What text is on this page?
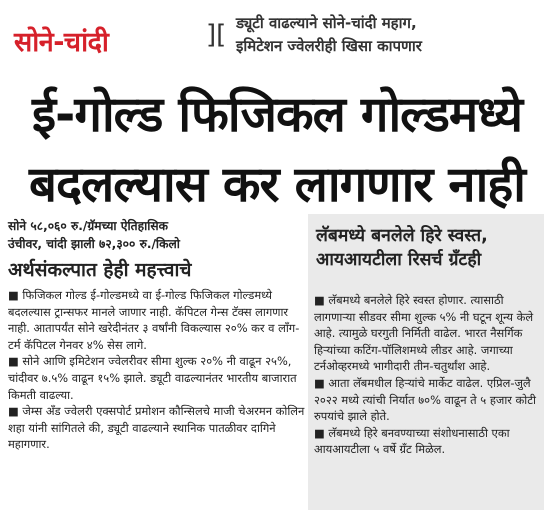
सोने-चांदी	][ ड्यूटी वाढल्याने सोने-चांदी महाग,
इमिटेशन ज्वेलरीही खिसा कापणार
ई-गोल्ड फिजिकल गोल्डमध्ये
बदलल्यास कर लागणार नाही
सोने ५८,०६० रु./ग्रॅमच्या ऐतिहासिक
उंचीवर, चांदी झाली ७२,३०० रु./किलो
अर्थसंकल्पात हेही महत्त्वाचे

■ फिजिकल गोल्ड ई-गोल्डमध्ये वा ई-गोल्ड फिजिकल गोल्डमध्ये बदलल्यास ट्रान्सफर मानले जाणार नाही. कॅपिटल गेन्स टॅक्स लागणार नाही. आतापर्यंत सोने खरेदीनंतर ३ वर्षांनी विकल्यास २०% कर व लाँग-टर्म कॅपिटल गेनवर ४% सेस लागे.

■ सोने आणि इमिटेशन ज्वेलरीवर सीमा शुल्क २०% नी वाढून २५%, चांदीवर ७.५% वाढून १५% झाले. ड्यूटी वाढल्यानंतर भारतीय बाजारात किमती वाढल्या.

■ जेम्स अँड ज्वेलरी एक्सपोर्ट प्रमोशन कौन्सिलचे माजी चेअरमन कोलिन शहा यांनी सांगितले की, ड्यूटी वाढल्याने स्थानिक पातळीवर दागिने महागणार.

लॅबमध्ये बनलेले हिरे स्वस्त,
आयआयटीला रिसर्च ग्रँटही

■ लॅबमध्ये बनलेले हिरे स्वस्त होणार. त्यासाठी लागणाऱ्या सीडवर सीमा शुल्क ५% नी घटून शून्य केले आहे. त्यामुळे घरगुती निर्मिती वाढेल. भारत नैसर्गिक हिऱ्यांच्या कटिंग-पॉलिशमध्ये लीडर आहे. जगाच्या टर्नओव्हरमध्ये भागीदारी तीन-चतुर्थांश आहे.

■ आता लॅबमधील हिऱ्यांचे मार्केट वाढेल. एप्रिल-जुलै २०२२ मध्ये त्यांची निर्यात ७०% वाढून ते ५ हजार कोटी रुपयांचे झाले होते.

■ लॅबमध्ये हिरे बनवण्याच्या संशोधनासाठी एका आयआयटीला ५ वर्षे ग्रँट मिळेल.
